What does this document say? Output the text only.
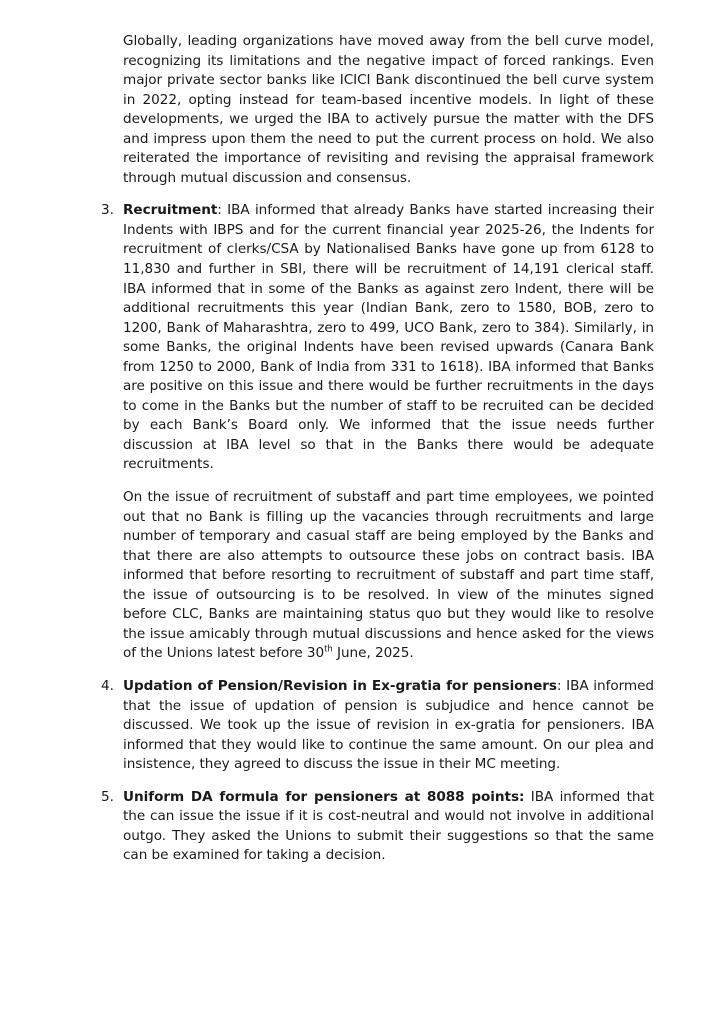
Globally, leading organizations have moved away from the bell curve model, recognizing its limitations and the negative impact of forced rankings. Even major private sector banks like ICICI Bank discontinued the bell curve system in 2022, opting instead for team-based incentive models. In light of these developments, we urged the IBA to actively pursue the matter with the DFS and impress upon them the need to put the current process on hold. We also reiterated the importance of revisiting and revising the appraisal framework through mutual discussion and consensus.

3. Recruitment: IBA informed that already Banks have started increasing their Indents with IBPS and for the current financial year 2025-26, the Indents for recruitment of clerks/CSA by Nationalised Banks have gone up from 6128 to 11,830 and further in SBI, there will be recruitment of 14,191 clerical staff. IBA informed that in some of the Banks as against zero Indent, there will be additional recruitments this year (Indian Bank, zero to 1580, BOB, zero to 1200, Bank of Maharashtra, zero to 499, UCO Bank, zero to 384). Similarly, in some Banks, the original Indents have been revised upwards (Canara Bank from 1250 to 2000, Bank of India from 331 to 1618). IBA informed that Banks are positive on this issue and there would be further recruitments in the days to come in the Banks but the number of staff to be recruited can be decided by each Bank’s Board only. We informed that the issue needs further discussion at IBA level so that in the Banks there would be adequate recruitments.

On the issue of recruitment of substaff and part time employees, we pointed out that no Bank is filling up the vacancies through recruitments and large number of temporary and casual staff are being employed by the Banks and that there are also attempts to outsource these jobs on contract basis. IBA informed that before resorting to recruitment of substaff and part time staff, the issue of outsourcing is to be resolved. In view of the minutes signed before CLC, Banks are maintaining status quo but they would like to resolve the issue amicably through mutual discussions and hence asked for the views of the Unions latest before 30th June, 2025.

4. Updation of Pension/Revision in Ex-gratia for pensioners: IBA informed that the issue of updation of pension is subjudice and hence cannot be discussed. We took up the issue of revision in ex-gratia for pensioners. IBA informed that they would like to continue the same amount. On our plea and insistence, they agreed to discuss the issue in their MC meeting.

5. Uniform DA formula for pensioners at 8088 points: IBA informed that the can issue the issue if it is cost-neutral and would not involve in additional outgo. They asked the Unions to submit their suggestions so that the same can be examined for taking a decision.
